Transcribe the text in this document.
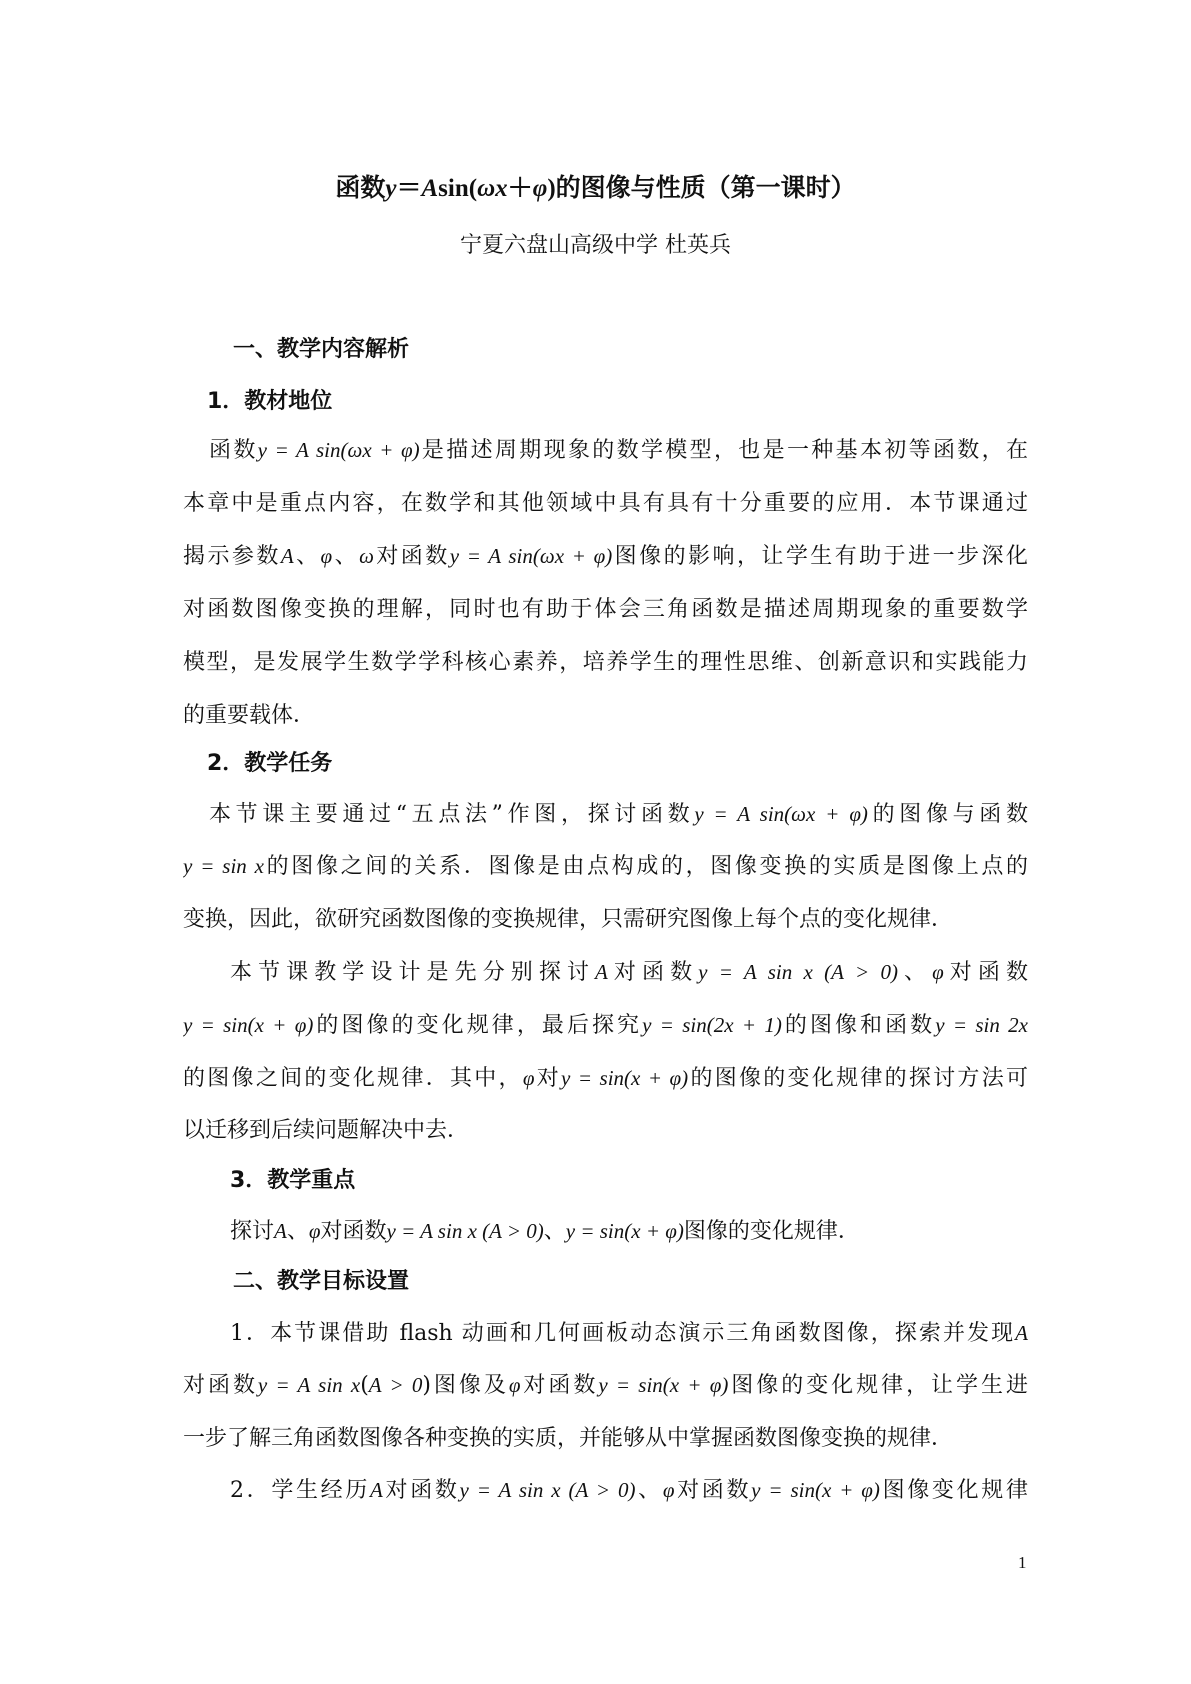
函数y＝Asin(ωx＋φ)的图像与性质（第一课时）
宁夏六盘山高级中学 杜英兵
一、教学内容解析
1．教材地位
函数y = A sin(ωx + φ)是描述周期现象的数学模型，也是一种基本初等函数，在
本章中是重点内容，在数学和其他领域中具有具有十分重要的应用．本节课通过
揭示参数A、φ、ω对函数y = A sin(ωx + φ)图像的影响，让学生有助于进一步深化
对函数图像变换的理解，同时也有助于体会三角函数是描述周期现象的重要数学
模型，是发展学生数学学科核心素养，培养学生的理性思维、创新意识和实践能力
的重要载体．
2．教学任务
本节课主要通过“五点法”作图，探讨函数y = A sin(ωx + φ)的图像与函数
y = sin x的图像之间的关系．图像是由点构成的，图像变换的实质是图像上点的
变换，因此，欲研究函数图像的变换规律，只需研究图像上每个点的变化规律．
本节课教学设计是先分别探讨A对函数y = A sin x (A > 0)、φ对函数
y = sin(x + φ)的图像的变化规律，最后探究y = sin(2x + 1)的图像和函数y = sin 2x
的图像之间的变化规律．其中，φ对y = sin(x + φ)的图像的变化规律的探讨方法可
以迁移到后续问题解决中去．
3．教学重点
探讨A、φ对函数y = A sin x (A > 0)、y = sin(x + φ)图像的变化规律．
二、教学目标设置
1．本节课借助 flash 动画和几何画板动态演示三角函数图像，探索并发现A
对函数y = A sin x(A > 0)图像及φ对函数y = sin(x + φ)图像的变化规律，让学生进
一步了解三角函数图像各种变换的实质，并能够从中掌握函数图像变换的规律．
2．学生经历A对函数y = A sin x (A > 0)、φ对函数y = sin(x + φ)图像变化规律
1
